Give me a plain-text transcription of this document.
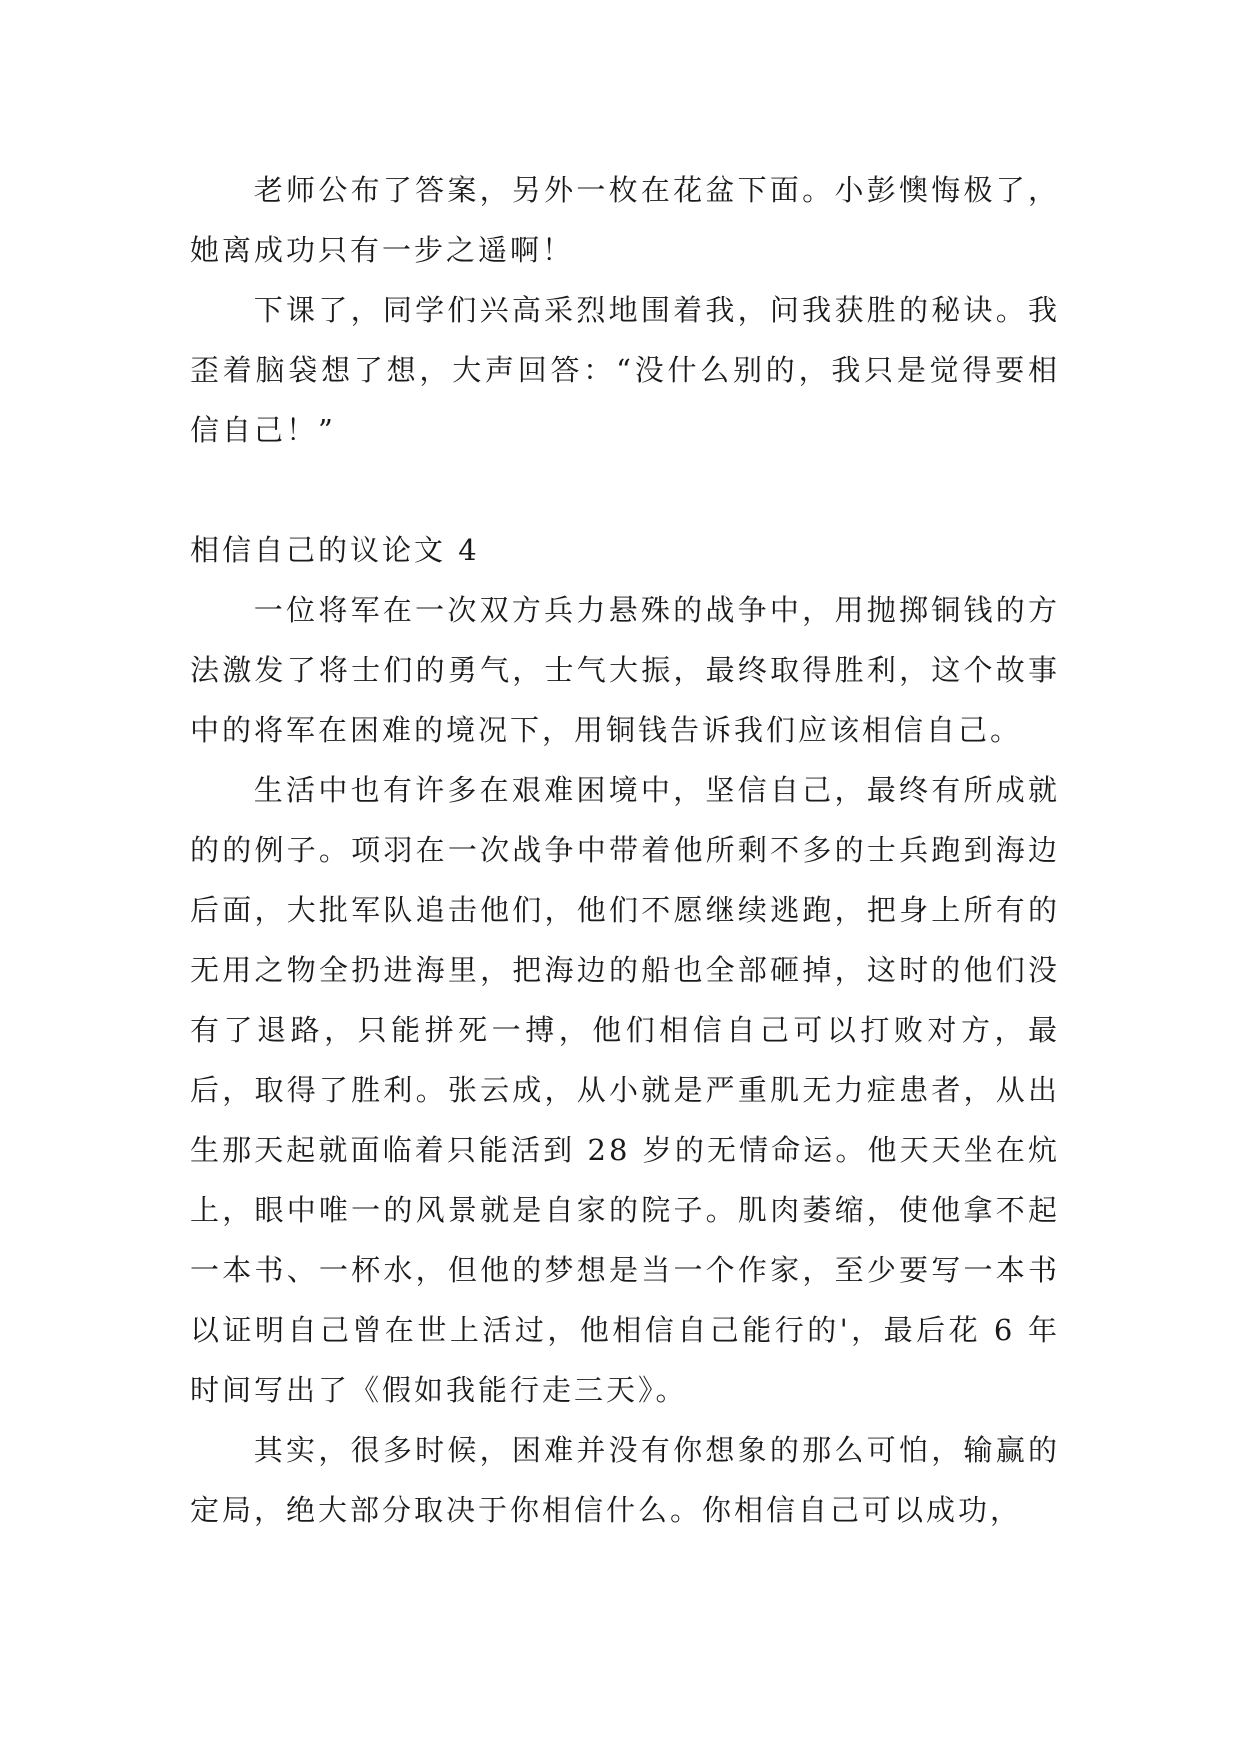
老师公布了答案，另外一枚在花盆下面。小彭懊悔极了，她离成功只有一步之遥啊！

下课了，同学们兴高采烈地围着我，问我获胜的秘诀。我歪着脑袋想了想，大声回答：“没什么别的，我只是觉得要相信自己！”

相信自己的议论文 4

一位将军在一次双方兵力悬殊的战争中，用抛掷铜钱的方法激发了将士们的勇气，士气大振，最终取得胜利，这个故事中的将军在困难的境况下，用铜钱告诉我们应该相信自己。

生活中也有许多在艰难困境中，坚信自己，最终有所成就的的例子。项羽在一次战争中带着他所剩不多的士兵跑到海边后面，大批军队追击他们，他们不愿继续逃跑，把身上所有的无用之物全扔进海里，把海边的船也全部砸掉，这时的他们没有了退路，只能拼死一搏，他们相信自己可以打败对方，最后，取得了胜利。张云成，从小就是严重肌无力症患者，从出生那天起就面临着只能活到 28 岁的无情命运。他天天坐在炕上，眼中唯一的风景就是自家的院子。肌肉萎缩，使他拿不起一本书、一杯水，但他的梦想是当一个作家，至少要写一本书以证明自己曾在世上活过，他相信自己能行的'，最后花 6 年时间写出了《假如我能行走三天》。

其实，很多时候，困难并没有你想象的那么可怕，输赢的定局，绝大部分取决于你相信什么。你相信自己可以成功，
